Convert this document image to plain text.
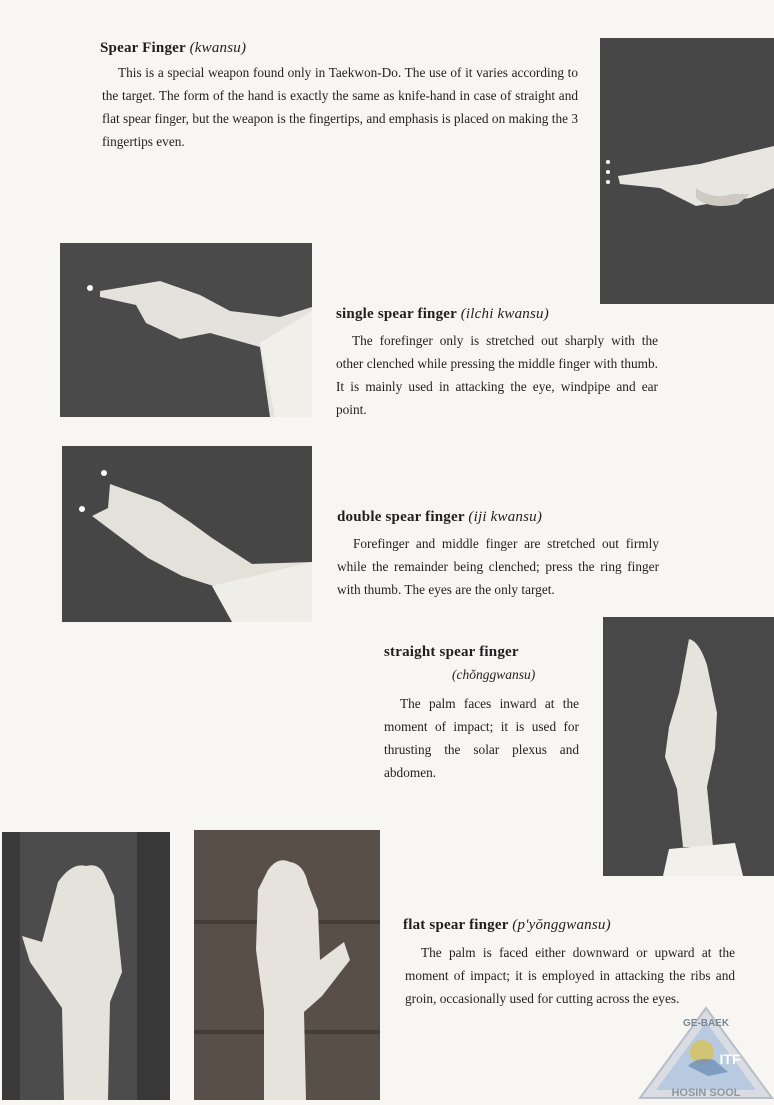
Spear Finger (kwansu)

This is a special weapon found only in Taekwon-Do. The use of it varies according to the target. The form of the hand is exactly the same as knife-hand in case of straight and flat spear finger, but the weapon is the fingertips, and emphasis is placed on making the 3 fingertips even.

single spear finger (ilchi kwansu)

The forefinger only is stretched out sharply with the other clenched while pressing the middle finger with thumb. It is mainly used in attacking the eye, windpipe and ear point.

double spear finger (iji kwansu)

Forefinger and middle finger are stretched out firmly while the remainder being clenched; press the ring finger with thumb. The eyes are the only target.

straight spear finger
(chŏnggwansu)

The palm faces inward at the moment of impact; it is used for thrusting the solar plexus and abdomen.

flat spear finger (p'yŏnggwansu)

The palm is faced either downward or upward at the moment of impact; it is employed in attacking the ribs and groin, occasionally used for cutting across the eyes.

GE-BAEK
ITF
HOSIN SOOL
